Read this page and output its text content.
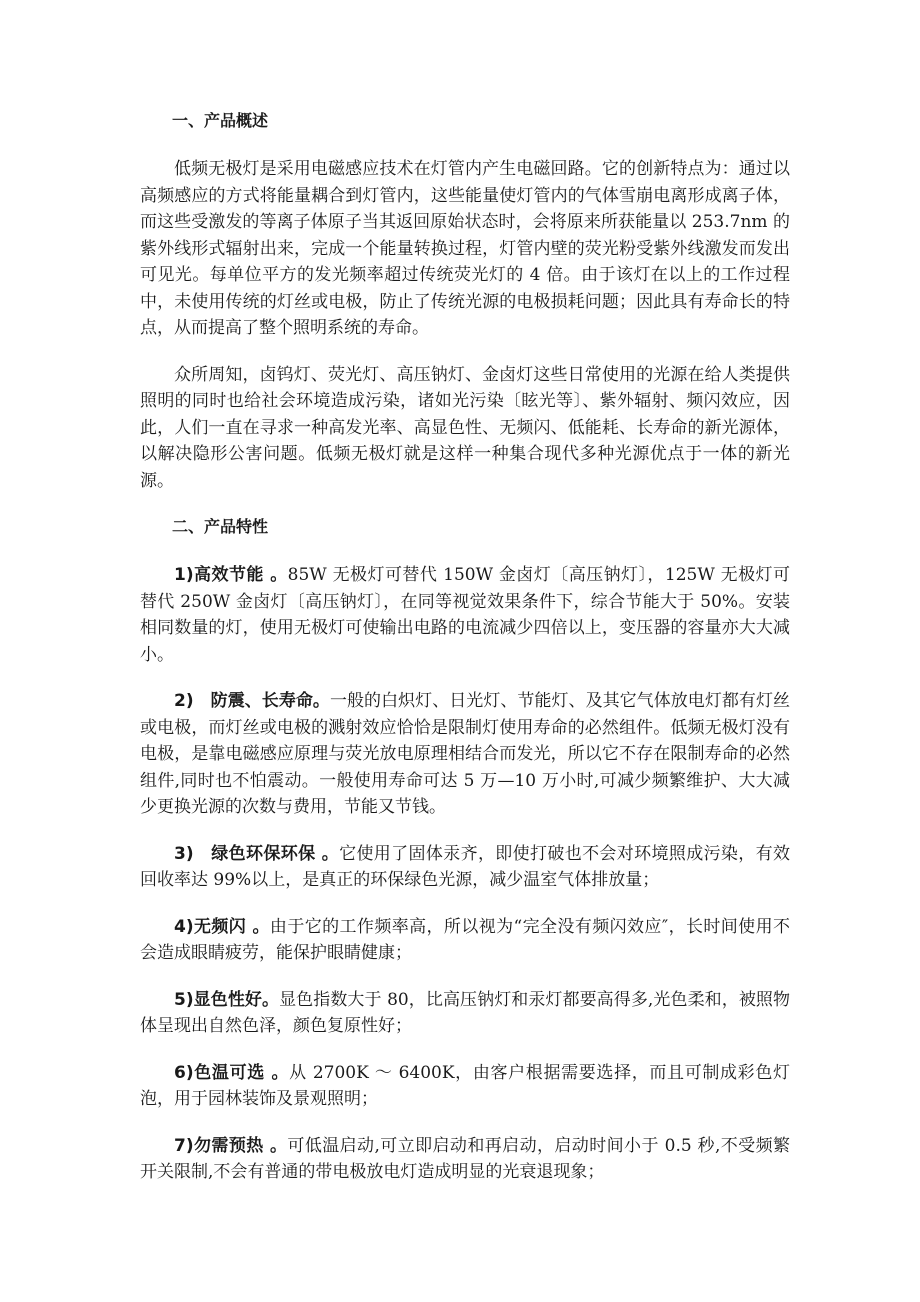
一、产品概述

低频无极灯是采用电磁感应技术在灯管内产生电磁回路。它的创新特点为：通过以高频感应的方式将能量耦合到灯管内，这些能量使灯管内的气体雪崩电离形成离子体，而这些受激发的等离子体原子当其返回原始状态时，会将原来所获能量以 253.7nm 的紫外线形式辐射出来，完成一个能量转换过程，灯管内壁的荧光粉受紫外线激发而发出可见光。每单位平方的发光频率超过传统荧光灯的 4 倍。由于该灯在以上的工作过程中，未使用传统的灯丝或电极，防止了传统光源的电极损耗问题；因此具有寿命长的特点，从而提高了整个照明系统的寿命。

众所周知，卤钨灯、荧光灯、高压钠灯、金卤灯这些日常使用的光源在给人类提供照明的同时也给社会环境造成污染，诸如光污染〔眩光等〕、紫外辐射、频闪效应，因此，人们一直在寻求一种高发光率、高显色性、无频闪、低能耗、长寿命的新光源体，以解决隐形公害问题。低频无极灯就是这样一种集合现代多种光源优点于一体的新光源。

二、产品特性

1)高效节能 。85W 无极灯可替代 150W 金卤灯〔高压钠灯〕，125W 无极灯可替代 250W 金卤灯〔高压钠灯〕，在同等视觉效果条件下，综合节能大于 50%。安装相同数量的灯，使用无极灯可使输出电路的电流减少四倍以上，变压器的容量亦大大减小。

2)　防震、长寿命。一般的白炽灯、日光灯、节能灯、及其它气体放电灯都有灯丝或电极，而灯丝或电极的溅射效应恰恰是限制灯使用寿命的必然组件。低频无极灯没有电极，是靠电磁感应原理与荧光放电原理相结合而发光，所以它不存在限制寿命的必然组件,同时也不怕震动。一般使用寿命可达 5 万—10 万小时,可减少频繁维护、大大减少更换光源的次数与费用，节能又节钱。

3)　绿色环保环保 。它使用了固体汞齐，即使打破也不会对环境照成污染，有效回收率达 99%以上，是真正的环保绿色光源，减少温室气体排放量；

4)无频闪 。由于它的工作频率高，所以视为“完全没有频闪效应″，长时间使用不会造成眼睛疲劳，能保护眼睛健康；

5)显色性好。显色指数大于 80，比高压钠灯和汞灯都要高得多,光色柔和，被照物体呈现出自然色泽，颜色复原性好；

6)色温可选 。从 2700K ～ 6400K，由客户根据需要选择，而且可制成彩色灯泡，用于园林装饰及景观照明；

7)勿需预热 。可低温启动,可立即启动和再启动，启动时间小于 0.5 秒,不受频繁开关限制,不会有普通的带电极放电灯造成明显的光衰退现象；
